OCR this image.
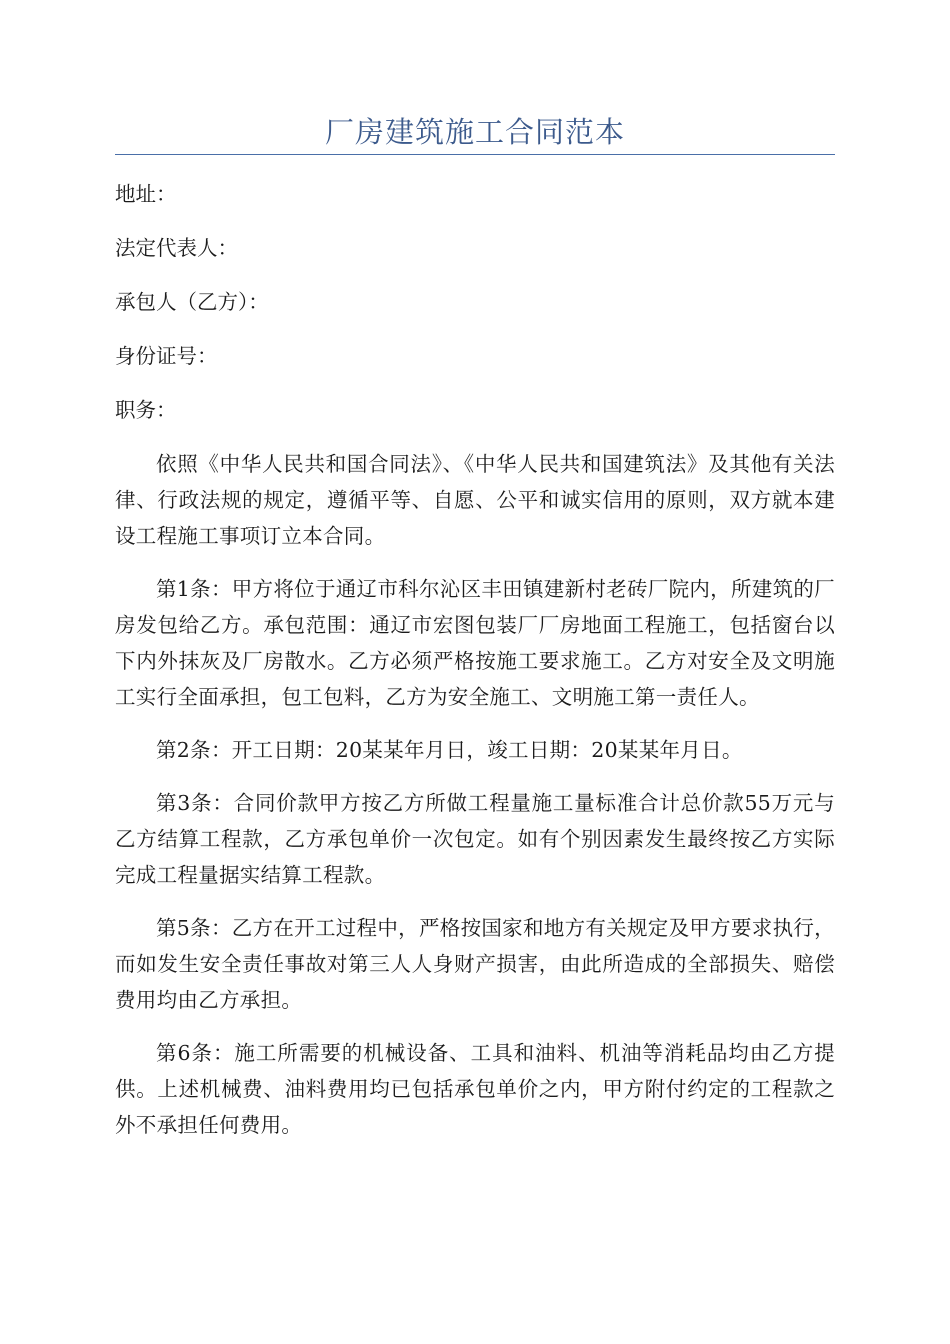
厂房建筑施工合同范本
地址：
法定代表人：
承包人（乙方）：
身份证号：
职务：

依照《中华人民共和国合同法》、《中华人民共和国建筑法》及其他有关法律、行政法规的规定，遵循平等、自愿、公平和诚实信用的原则，双方就本建设工程施工事项订立本合同。

第1条：甲方将位于通辽市科尔沁区丰田镇建新村老砖厂院内，所建筑的厂房发包给乙方。承包范围：通辽市宏图包装厂厂房地面工程施工，包括窗台以下内外抹灰及厂房散水。乙方必须严格按施工要求施工。乙方对安全及文明施工实行全面承担，包工包料，乙方为安全施工、文明施工第一责任人。

第2条：开工日期：20某某年月日，竣工日期：20某某年月日。

第3条：合同价款甲方按乙方所做工程量施工量标准合计总价款55万元与乙方结算工程款，乙方承包单价一次包定。如有个别因素发生最终按乙方实际完成工程量据实结算工程款。

第5条：乙方在开工过程中，严格按国家和地方有关规定及甲方要求执行，而如发生安全责任事故对第三人人身财产损害，由此所造成的全部损失、赔偿费用均由乙方承担。

第6条：施工所需要的机械设备、工具和油料、机油等消耗品均由乙方提供。上述机械费、油料费用均已包括承包单价之内，甲方附付约定的工程款之外不承担任何费用。
